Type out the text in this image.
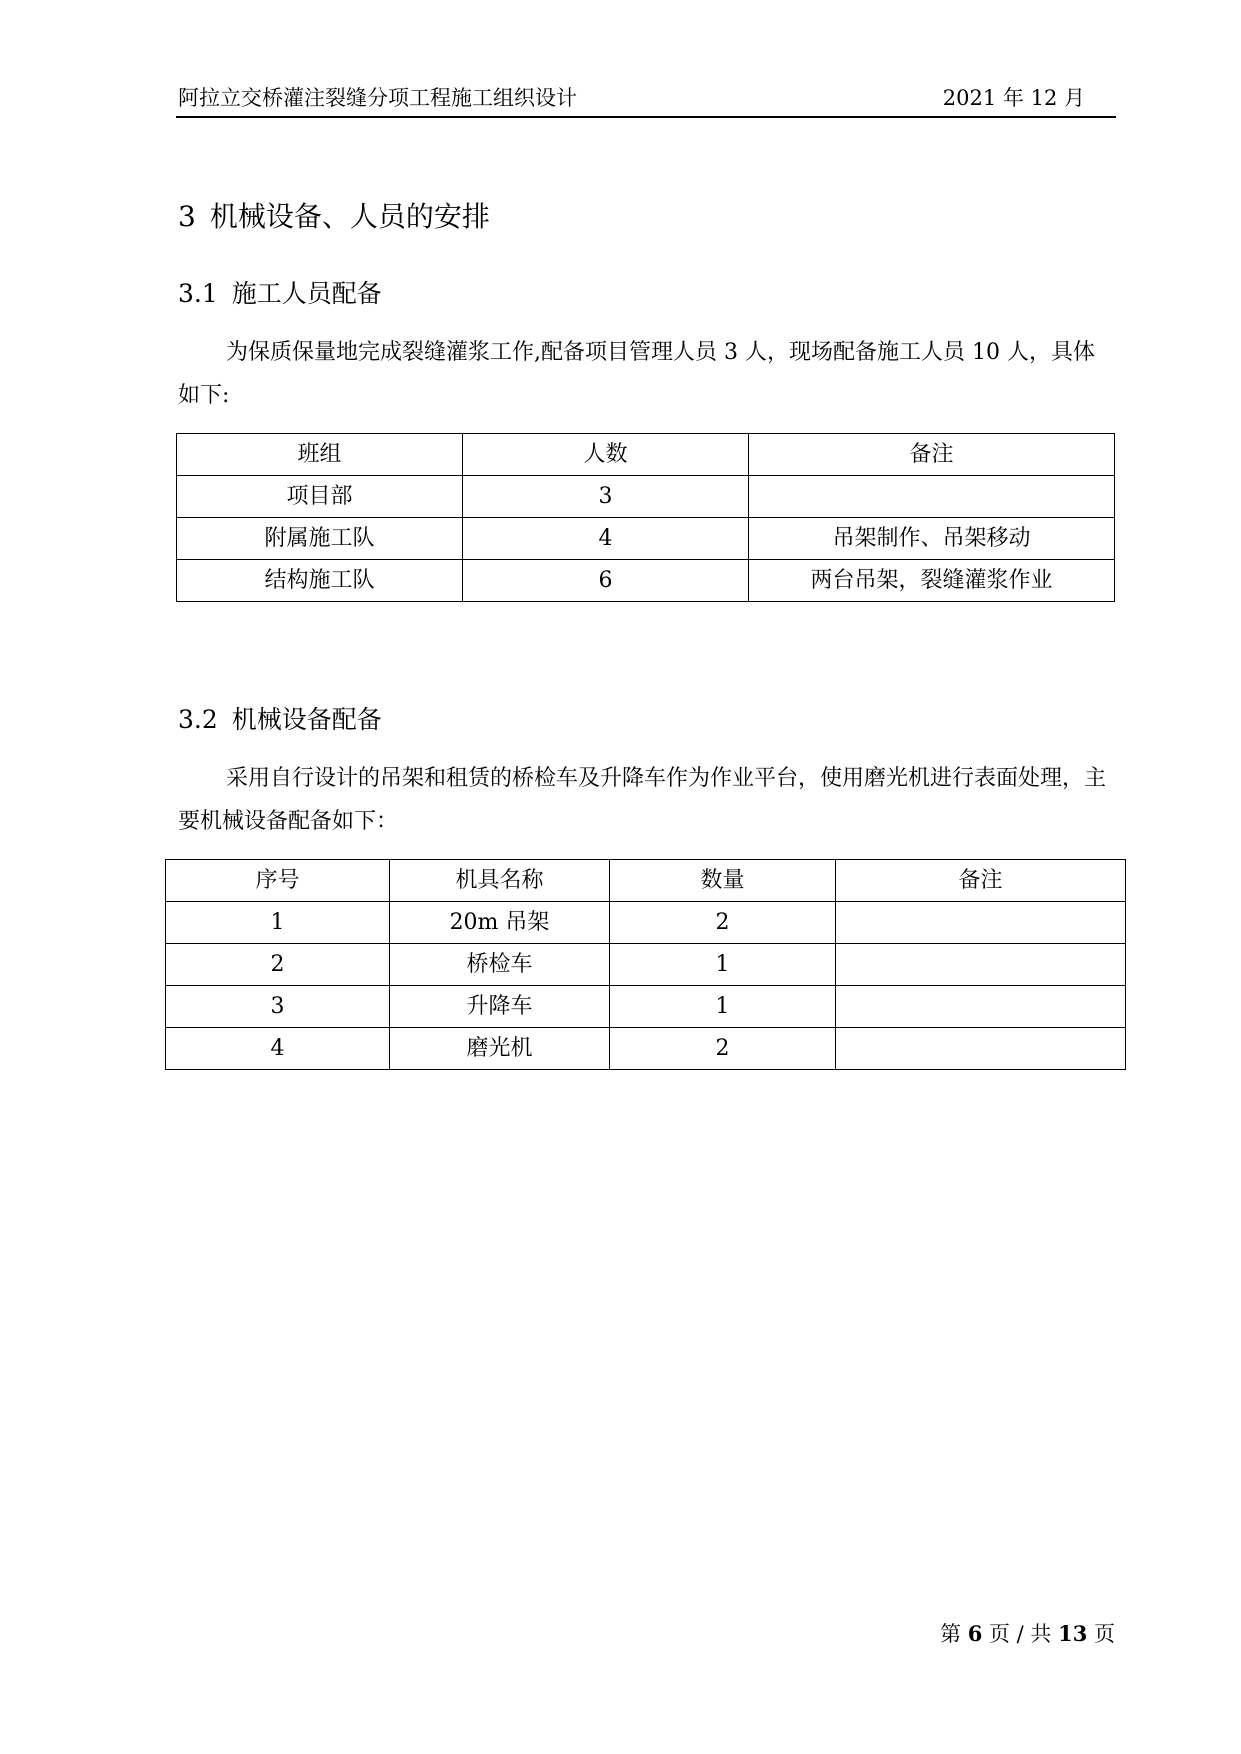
阿拉立交桥灌注裂缝分项工程施工组织设计	2021 年 12 月
3 机械设备、人员的安排
3.1 施工人员配备

为保质保量地完成裂缝灌浆工作,配备项目管理人员 3 人，现场配备施工人员 10 人，具体如下:

班组	人数	备注
项目部	3	
附属施工队	4	吊架制作、吊架移动
结构施工队	6	两台吊架，裂缝灌浆作业
3.2 机械设备配备

采用自行设计的吊架和租赁的桥检车及升降车作为作业平台，使用磨光机进行表面处理，主要机械设备配备如下：

序号	机具名称	数量	备注
1	20m 吊架	2	
2	桥检车	1	
3	升降车	1	
4	磨光机	2	
第 6 页 / 共 13 页
